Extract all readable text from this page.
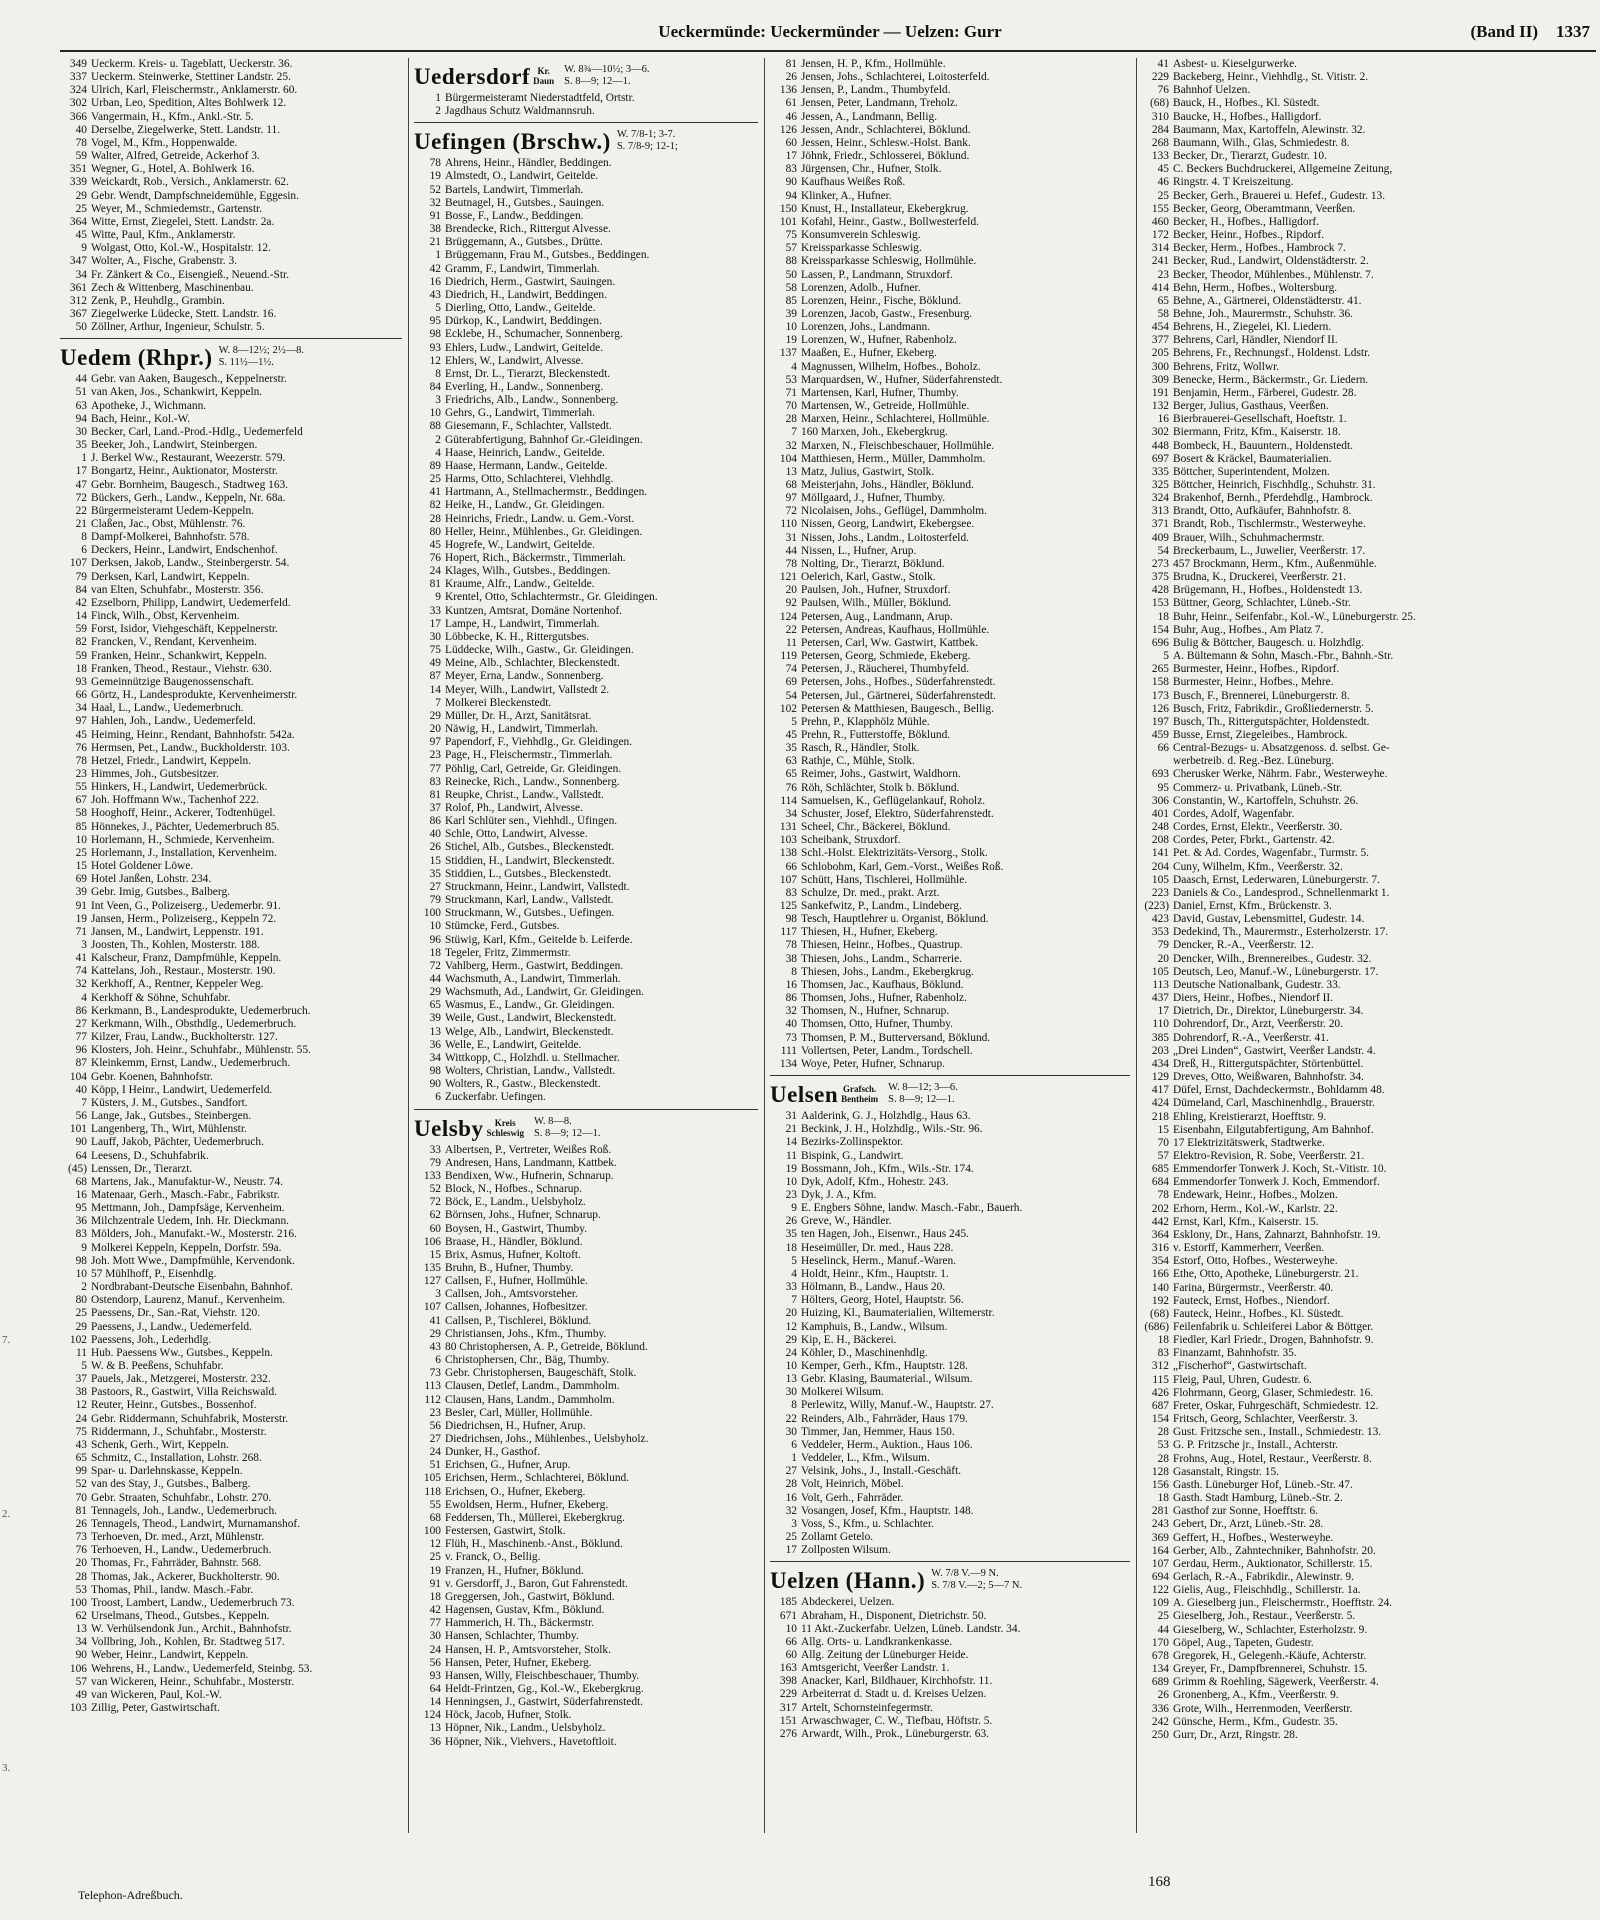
Ueckermünde: Ueckermünder — Uelzen: Gurr	(Band II) 1337
349 Ueckerm. Kreis- u. Tageblatt, Ueckerstr. 36.
337 Ueckerm. Steinwerke, Stettiner Landstr. 25.
324 Ulrich, Karl, Fleischermstr., Anklamerstr. 60.
302 Urban, Leo, Spedition, Altes Bohlwerk 12.
366 Vangermain, H., Kfm., Ankl.-Str. 5.
40 Derselbe, Ziegelwerke, Stett. Landstr. 11.
78 Vogel, M., Kfm., Hoppenwalde.
59 Walter, Alfred, Getreide, Ackerhof 3.
351 Wegner, G., Hotel, A. Bohlwerk 16.
339 Weickardt, Rob., Versich., Anklamerstr. 62.
29 Gebr. Wendt, Dampfschneidemühle, Eggesin.
25 Weyer, M., Schmiedemstr., Gartenstr.
364 Witte, Ernst, Ziegelei, Stett. Landstr. 2a.
45 Witte, Paul, Kfm., Anklamerstr.
9 Wolgast, Otto, Kol.-W., Hospitalstr. 12.
347 Wolter, A., Fische, Grabenstr. 3.
34 Fr. Zänkert & Co., Eisengieß., Neuend.-Str.
361 Zech & Wittenberg, Maschinenbau.
312 Zenk, P., Heuhdlg., Grambin.
367 Ziegelwerke Lüdecke, Stett. Landstr. 16.
50 Zöllner, Arthur, Ingenieur, Schulstr. 5.
Uedem (Rhpr.) W. 8—12½; 2½—8.
S. 11½—1½.
44 Gebr. van Aaken, Baugesch., Keppelnerstr.
51 van Aken, Jos., Schankwirt, Keppeln.
63 Apotheke, J., Wichmann.
94 Bach, Heinr., Kol.-W.
30 Becker, Carl, Land.-Prod.-Hdlg., Uedemerfeld
35 Beeker, Joh., Landwirt, Steinbergen.
1 J. Berkel Ww., Restaurant, Weezerstr. 579.
17 Bongartz, Heinr., Auktionator, Mosterstr.
47 Gebr. Bornheim, Baugesch., Stadtweg 163.
72 Bückers, Gerh., Landw., Keppeln, Nr. 68a.
22 Bürgermeisteramt Uedem-Keppeln.
21 Claßen, Jac., Obst, Mühlenstr. 76.
8 Dampf-Molkerei, Bahnhofstr. 578.
6 Deckers, Heinr., Landwirt, Endschenhof.
107 Derksen, Jakob, Landw., Steinbergerstr. 54.
79 Derksen, Karl, Landwirt, Keppeln.
84 van Elten, Schuhfabr., Mosterstr. 356.
42 Ezselborn, Philipp, Landwirt, Uedemerfeld.
14 Finck, Wilh., Obst, Kervenheim.
59 Forst, Isidor, Viehgeschäft, Keppelnerstr.
82 Francken, V., Rendant, Kervenheim.
59 Franken, Heinr., Schankwirt, Keppeln.
18 Franken, Theod., Restaur., Viehstr. 630.
93 Gemeinnützige Baugenossenschaft.
66 Görtz, H., Landesprodukte, Kervenheimerstr.
34 Haal, L., Landw., Uedemerbruch.
97 Hahlen, Joh., Landw., Uedemerfeld.
45 Heiming, Heinr., Rendant, Bahnhofstr. 542a.
76 Hermsen, Pet., Landw., Buckholderstr. 103.
78 Hetzel, Friedr., Landwirt, Keppeln.
23 Himmes, Joh., Gutsbesitzer.
55 Hinkers, H., Landwirt, Uedemerbrück.
67 Joh. Hoffmann Ww., Tachenhof 222.
58 Hooghoff, Heinr., Ackerer, Todtenhügel.
85 Hönnekes, J., Pächter, Uedemerbruch 85.
10 Horlemann, H., Schmiede, Kervenheim.
25 Horlemann, J., Installation, Kervenheim.
15 Hotel Goldener Löwe.
69 Hotel Janßen, Lohstr. 234.
39 Gebr. Imig, Gutsbes., Balberg.
91 Int Veen, G., Polizeiserg., Uedemerbr. 91.
19 Jansen, Herm., Polizeiserg., Keppeln 72.
71 Jansen, M., Landwirt, Leppenstr. 191.
3 Joosten, Th., Kohlen, Mosterstr. 188.
41 Kalscheur, Franz, Dampfmühle, Keppeln.
74 Kattelans, Joh., Restaur., Mosterstr. 190.
32 Kerkhoff, A., Rentner, Keppeler Weg.
4 Kerkhoff & Söhne, Schuhfabr.
86 Kerkmann, B., Landesprodukte, Uedemerbruch.
27 Kerkmann, Wilh., Obsthdlg., Uedemerbruch.
77 Kilzer, Frau, Landw., Buckholterstr. 127.
96 Klosters, Joh. Heinr., Schuhfabr., Mühlenstr. 55.
87 Kleinkemm, Ernst, Landw., Uedemerbruch.
104 Gebr. Koenen, Bahnhofstr.
40 Köpp, I Heinr., Landwirt, Uedemerfeld.
7 Küsters, J. M., Gutsbes., Sandfort.
56 Lange, Jak., Gutsbes., Steinbergen.
101 Langenberg, Th., Wirt, Mühlenstr.
90 Lauff, Jakob, Pächter, Uedemerbruch.
64 Leesens, D., Schuhfabrik.
(45) Lenssen, Dr., Tierarzt.
68 Martens, Jak., Manufaktur-W., Neustr. 74.
16 Matenaar, Gerh., Masch.-Fabr., Fabrikstr.
95 Mettmann, Joh., Dampfsäge, Kervenheim.
36 Milchzentrale Uedem, Inh. Hr. Dieckmann.
83 Mölders, Joh., Manufakt.-W., Mosterstr. 216.
9 Molkerei Keppeln, Keppeln, Dorfstr. 59a.
98 Joh. Mott Wwe., Dampfmühle, Kervendonk.
10 57 Mühlhoff, P., Eisenhdlg.
2 Nordbrabant-Deutsche Eisenbahn, Bahnhof.
80 Ostendorp, Laurenz, Manuf., Kervenheim.
25 Paessens, Dr., San.-Rat, Viehstr. 120.
29 Paessens, J., Landw., Uedemerfeld.
102 Paessens, Joh., Lederhdlg.
11 Hub. Paessens Ww., Gutsbes., Keppeln.
5 W. & B. Peeßens, Schuhfabr.
37 Pauels, Jak., Metzgerei, Mosterstr. 232.
38 Pastoors, R., Gastwirt, Villa Reichswald.
12 Reuter, Heinr., Gutsbes., Bossenhof.
24 Gebr. Riddermann, Schuhfabrik, Mosterstr.
75 Riddermann, J., Schuhfabr., Mosterstr.
43 Schenk, Gerh., Wirt, Keppeln.
65 Schmitz, C., Installation, Lohstr. 268.
99 Spar- u. Darlehnskasse, Keppeln.
52 van des Stay, J., Gutsbes., Balberg.
70 Gebr. Straaten, Schuhfabr., Lohstr. 270.
81 Tennagels, Joh., Landw., Uedemerbruch.
26 Tennagels, Theod., Landwirt, Murnamanshof.
73 Terhoeven, Dr. med., Arzt, Mühlenstr.
76 Terhoeven, H., Landw., Uedemerbruch.
20 Thomas, Fr., Fahrräder, Bahnstr. 568.
28 Thomas, Jak., Ackerer, Buckholterstr. 90.
53 Thomas, Phil., landw. Masch.-Fabr.
100 Troost, Lambert, Landw., Uedemerbruch 73.
62 Urselmans, Theod., Gutsbes., Keppeln.
13 W. Verhülsendonk Jun., Archit., Bahnhofstr.
34 Vollbring, Joh., Kohlen, Br. Stadtweg 517.
90 Weber, Heinr., Landwirt, Keppeln.
106 Wehrens, H., Landw., Uedemerfeld, Steinbg. 53.
57 van Wickeren, Heinr., Schuhfabr., Mosterstr.
49 van Wickeren, Paul, Kol.-W.
103 Zillig, Peter, Gastwirtschaft.
Uedersdorf Kr.
Daun
W. 8¾—10½; 3—6.
S. 8—9; 12—1.
1 Bürgermeisteramt Niederstadtfeld, Ortstr.
2 Jagdhaus Schutz Waldmannsruh.
Uefingen (Brschw.) W. 7/8-1; 3-7.
S. 7/8-9; 12-1;
78 Ahrens, Heinr., Händler, Beddingen.
19 Almstedt, O., Landwirt, Geitelde.
52 Bartels, Landwirt, Timmerlah.
32 Beutnagel, H., Gutsbes., Sauingen.
91 Bosse, F., Landw., Beddingen.
38 Brendecke, Rich., Rittergut Alvesse.
21 Brüggemann, A., Gutsbes., Drütte.
1 Brüggemann, Frau M., Gutsbes., Beddingen.
42 Gramm, F., Landwirt, Timmerlah.
16 Diedrich, Herm., Gastwirt, Sauingen.
43 Diedrich, H., Landwirt, Beddingen.
5 Dierling, Otto, Landw., Geitelde.
95 Dürkop, K., Landwirt, Beddingen.
98 Ecklebe, H., Schumacher, Sonnenberg.
93 Ehlers, Ludw., Landwirt, Geitelde.
12 Ehlers, W., Landwirt, Alvesse.
8 Ernst, Dr. L., Tierarzt, Bleckenstedt.
84 Everling, H., Landw., Sonnenberg.
3 Friedrichs, Alb., Landw., Sonnenberg.
10 Gehrs, G., Landwirt, Timmerlah.
88 Giesemann, F., Schlachter, Vallstedt.
2 Güterabfertigung, Bahnhof Gr.-Gleidingen.
4 Haase, Heinrich, Landw., Geitelde.
89 Haase, Hermann, Landw., Geitelde.
25 Harms, Otto, Schlachterei, Viehhdlg.
41 Hartmann, A., Stellmachermstr., Beddingen.
82 Heike, H., Landw., Gr. Gleidingen.
28 Heinrichs, Friedr., Landw. u. Gem.-Vorst.
80 Heller, Heinr., Mühlenbes., Gr. Gleidingen.
45 Hogrefe, W., Landwirt, Geitelde.
76 Hopert, Rich., Bäckermstr., Timmerlah.
24 Klages, Wilh., Gutsbes., Beddingen.
81 Kraume, Alfr., Landw., Geitelde.
9 Krentel, Otto, Schlachtermstr., Gr. Gleidingen.
33 Kuntzen, Amtsrat, Domäne Nortenhof.
17 Lampe, H., Landwirt, Timmerlah.
30 Löbbecke, K. H., Rittergutsbes.
75 Lüddecke, Wilh., Gastw., Gr. Gleidingen.
49 Meine, Alb., Schlachter, Bleckenstedt.
87 Meyer, Erna, Landw., Sonnenberg.
14 Meyer, Wilh., Landwirt, Vallstedt 2.
7 Molkerei Bleckenstedt.
29 Müller, Dr. H., Arzt, Sanitätsrat.
20 Näwig, H., Landwirt, Timmerlah.
97 Papendorf, F., Viehhdlg., Gr. Gleidingen.
23 Page, H., Fleischermstr., Timmerlah.
77 Pöhlig, Carl, Getreide, Gr. Gleidingen.
83 Reinecke, Rich., Landw., Sonnenberg.
81 Reupke, Christ., Landw., Vallstedt.
37 Rolof, Ph., Landwirt, Alvesse.
86 Karl Schlüter sen., Viehhdl., Üfingen.
40 Schle, Otto, Landwirt, Alvesse.
26 Stichel, Alb., Gutsbes., Bleckenstedt.
15 Stiddien, H., Landwirt, Bleckenstedt.
35 Stiddien, L., Gutsbes., Bleckenstedt.
27 Struckmann, Heinr., Landwirt, Vallstedt.
79 Struckmann, Karl, Landw., Vallstedt.
100 Struckmann, W., Gutsbes., Uefingen.
10 Stümcke, Ferd., Gutsbes.
96 Stüwig, Karl, Kfm., Geitelde b. Leiferde.
18 Tegeler, Fritz, Zimmermstr.
72 Vahlberg, Herm., Gastwirt, Beddingen.
44 Wachsmuth, A., Landwirt, Timmerlah.
29 Wachsmuth, Ad., Landwirt, Gr. Gleidingen.
65 Wasmus, E., Landw., Gr. Gleidingen.
39 Weile, Gust., Landwirt, Bleckenstedt.
13 Welge, Alb., Landwirt, Bleckenstedt.
36 Welle, E., Landwirt, Geitelde.
34 Wittkopp, C., Holzhdl. u. Stellmacher.
98 Wolters, Christian, Landw., Vallstedt.
90 Wolters, R., Gastw., Bleckenstedt.
6 Zuckerfabr. Uefingen.
Uelsby	Kreis
Schleswig
W. 8—8.
S. 8—9; 12—1.
33 Albertsen, P., Vertreter, Weißes Roß.
79 Andresen, Hans, Landmann, Kattbek.
133 Bendixen, Ww., Hufnerin, Schnarup.
52 Block, N., Hofbes., Schnarup.
72 Böck, E., Landm., Uelsbyholz.
62 Börnsen, Johs., Hufner, Schnarup.
60 Boysen, H., Gastwirt, Thumby.
106 Braase, H., Händler, Böklund.
15 Brix, Asmus, Hufner, Koltoft.
135 Bruhn, B., Hufner, Thumby.
127 Callsen, F., Hufner, Hollmühle.
3 Callsen, Joh., Amtsvorsteher.
107 Callsen, Johannes, Hofbesitzer.
41 Callsen, P., Tischlerei, Böklund.
29 Christiansen, Johs., Kfm., Thumby.
43 80 Christophersen, A. P., Getreide, Böklund.
6 Christophersen, Chr., Bäg, Thumby.
73 Gebr. Christophersen, Baugeschäft, Stolk.
113 Clausen, Detlef, Landm., Dammholm.
112 Clausen, Hans, Landm., Dammholm.
23 Besler, Carl, Müller, Hollmühle.
56 Diedrichsen, H., Hufner, Arup.
27 Diedrichsen, Johs., Mühlenbes., Uelsbyholz.
24 Dunker, H., Gasthof.
51 Erichsen, G., Hufner, Arup.
105 Erichsen, Herm., Schlachterei, Böklund.
118 Erichsen, O., Hufner, Ekeberg.
55 Ewoldsen, Herm., Hufner, Ekeberg.
68 Feddersen, Th., Müllerei, Ekebergkrug.
100 Festersen, Gastwirt, Stolk.
12 Flüh, H., Maschinenb.-Anst., Böklund.
25 v. Franck, O., Bellig.
19 Franzen, H., Hufner, Böklund.
91 v. Gersdorff, J., Baron, Gut Fahrenstedt.
18 Greggersen, Joh., Gastwirt, Böklund.
42 Hagensen, Gustav, Kfm., Böklund.
77 Hammerich, H. Th., Bäckermstr.
30 Hansen, Schlachter, Thumby.
24 Hansen, H. P., Amtsvorsteher, Stolk.
56 Hansen, Peter, Hufner, Ekeberg.
93 Hansen, Willy, Fleischbeschauer, Thumby.
64 Heldt-Frintzen, Gg., Kol.-W., Ekebergkrug.
14 Henningsen, J., Gastwirt, Süderfahrenstedt.
124 Höck, Jacob, Hufner, Stolk.
13 Höpner, Nik., Landm., Uelsbyholz.
36 Höpner, Nik., Viehvers., Havetoftloit.
81 Jensen, H. P., Kfm., Hollmühle.
26 Jensen, Johs., Schlachterei, Loitosterfeld.
136 Jensen, P., Landm., Thumbyfeld.
61 Jensen, Peter, Landmann, Treholz.
46 Jessen, A., Landmann, Bellig.
126 Jessen, Andr., Schlachterei, Böklund.
60 Jessen, Heinr., Schlesw.-Holst. Bank.
17 Jöhnk, Friedr., Schlosserei, Böklund.
83 Jürgensen, Chr., Hufner, Stolk.
90 Kaufhaus Weißes Roß.
94 Klinker, A., Hufner.
150 Knust, H., Installateur, Ekebergkrug.
101 Kofahl, Heinr., Gastw., Bollwesterfeld.
75 Konsumverein Schleswig.
57 Kreissparkasse Schleswig.
88 Kreissparkasse Schleswig, Hollmühle.
50 Lassen, P., Landmann, Struxdorf.
58 Lorenzen, Adolb., Hufner.
85 Lorenzen, Heinr., Fische, Böklund.
39 Lorenzen, Jacob, Gastw., Fresenburg.
10 Lorenzen, Johs., Landmann.
19 Lorenzen, W., Hufner, Rabenholz.
137 Maaßen, E., Hufner, Ekeberg.
4 Magnussen, Wilhelm, Hofbes., Boholz.
53 Marquardsen, W., Hufner, Süderfahrenstedt.
71 Martensen, Karl, Hufner, Thumby.
70 Martensen, W., Getreide, Hollmühle.
28 Marxen, Heinr., Schlachterei, Hollmühle.
7 160 Marxen, Joh., Ekebergkrug.
32 Marxen, N., Fleischbeschauer, Hollmühle.
104 Matthiesen, Herm., Müller, Dammholm.
13 Matz, Julius, Gastwirt, Stolk.
68 Meisterjahn, Johs., Händler, Böklund.
97 Möllgaard, J., Hufner, Thumby.
72 Nicolaisen, Johs., Geflügel, Dammholm.
110 Nissen, Georg, Landwirt, Ekebergsee.
31 Nissen, Johs., Landm., Loitosterfeld.
44 Nissen, L., Hufner, Arup.
78 Nolting, Dr., Tierarzt, Böklund.
121 Oelerich, Karl, Gastw., Stolk.
20 Paulsen, Joh., Hufner, Struxdorf.
92 Paulsen, Wilh., Müller, Böklund.
124 Petersen, Aug., Landmann, Arup.
22 Petersen, Andreas, Kaufhaus, Hollmühle.
11 Petersen, Carl, Ww. Gastwirt, Kattbek.
119 Petersen, Georg, Schmiede, Ekeberg.
74 Petersen, J., Räucherei, Thumbyfeld.
69 Petersen, Johs., Hofbes., Süderfahrenstedt.
54 Petersen, Jul., Gärtnerei, Süderfahrenstedt.
102 Petersen & Matthiesen, Baugesch., Bellig.
5 Prehn, P., Klapphölz Mühle.
45 Prehn, R., Futterstoffe, Böklund.
35 Rasch, R., Händler, Stolk.
63 Rathje, C., Mühle, Stolk.
65 Reimer, Johs., Gastwirt, Waldhorn.
76 Röh, Schlächter, Stolk b. Böklund.
114 Samuelsen, K., Geflügelankauf, Roholz.
34 Schuster, Josef, Elektro, Süderfahrenstedt.
131 Scheel, Chr., Bäckerei, Böklund.
103 Scheibank, Struxdorf.
138 Schl.-Holst. Elektrizitäts-Versorg., Stolk.
66 Schlobohm, Karl, Gem.-Vorst., Weißes Roß.
107 Schütt, Hans, Tischlerei, Hollmühle.
83 Schulze, Dr. med., prakt. Arzt.
125 Sankefwitz, P., Landm., Lindeberg.
98 Tesch, Hauptlehrer u. Organist, Böklund.
117 Thiesen, H., Hufner, Ekeberg.
78 Thiesen, Heinr., Hofbes., Quastrup.
38 Thiesen, Johs., Landm., Scharrerie.
8 Thiesen, Johs., Landm., Ekebergkrug.
16 Thomsen, Jac., Kaufhaus, Böklund.
86 Thomsen, Johs., Hufner, Rabenholz.
32 Thomsen, N., Hufner, Schnarup.
40 Thomsen, Otto, Hufner, Thumby.
73 Thomsen, P. M., Butterversand, Böklund.
111 Vollertsen, Peter, Landm., Tordschell.
134 Woye, Peter, Hufner, Schnarup.
Uelsen Grafsch.
Bentheim
W. 8—12; 3—6.
S. 8—9; 12—1.
31 Aalderink, G. J., Holzhdlg., Haus 63.
21 Beckink, J. H., Holzhdlg., Wils.-Str. 96.
14 Bezirks-Zollinspektor.
11 Bispink, G., Landwirt.
19 Bossmann, Joh., Kfm., Wils.-Str. 174.
10 Dyk, Adolf, Kfm., Hohestr. 243.
23 Dyk, J. A., Kfm.
9 E. Engbers Söhne, landw. Masch.-Fabr., Bauerh.
26 Greve, W., Händler.
35 ten Hagen, Joh., Eisenwr., Haus 245.
18 Heseimüller, Dr. med., Haus 228.
5 Heselinck, Herm., Manuf.-Waren.
4 Holdt, Heinr., Kfm., Hauptstr. 1.
33 Hölmann, B., Landw., Haus 20.
7 Hölters, Georg, Hotel, Hauptstr. 56.
20 Huizing, Kl., Baumaterialien, Wiltemerstr.
12 Kamphuis, B., Landw., Wilsum.
29 Kip, E. H., Bäckerei.
24 Köhler, D., Maschinenhdlg.
10 Kemper, Gerh., Kfm., Hauptstr. 128.
13 Gebr. Klasing, Baumaterial., Wilsum.
30 Molkerei Wilsum.
8 Perlewitz, Willy, Manuf.-W., Hauptstr. 27.
22 Reinders, Alb., Fahrräder, Haus 179.
30 Timmer, Jan, Hemmer, Haus 150.
6 Veddeler, Herm., Auktion., Haus 106.
1 Veddeler, L., Kfm., Wilsum.
27 Velsink, Johs., J., Install.-Geschäft.
28 Volt, Heinrich, Möbel.
16 Volt, Gerh., Fahrräder.
32 Vosangen, Josef, Kfm., Hauptstr. 148.
3 Voss, S., Kfm., u. Schlachter.
25 Zollamt Getelo.
17 Zollposten Wilsum.
Uelzen (Hann.) W. 7/8 V.—9 N.
S. 7/8 V.—2; 5—7 N.
185 Abdeckerei, Uelzen.
671 Abraham, H., Disponent, Dietrichstr. 50.
10 11 Akt.-Zuckerfabr. Uelzen, Lüneb. Landstr. 34.
66 Allg. Orts- u. Landkrankenkasse.
60 Allg. Zeitung der Lüneburger Heide.
163 Amtsgericht, Veerßer Landstr. 1.
398 Anacker, Karl, Bildhauer, Kirchhofstr. 11.
229 Arbeiterrat d. Stadt u. d. Kreises Uelzen.
317 Artelt, Schornsteinfegermstr.
151 Arwaschwager, C. W., Tiefbau, Höftstr. 5.
276 Arwardt, Wilh., Prok., Lüneburgerstr. 63.
41 Asbest- u. Kieselgurwerke.
229 Backeberg, Heinr., Viehhdlg., St. Vitistr. 2.
76 Bahnhof Uelzen.
(68) Bauck, H., Hofbes., Kl. Süstedt.
310 Baucke, H., Hofbes., Halligdorf.
284 Baumann, Max, Kartoffeln, Alewinstr. 32.
268 Baumann, Wilh., Glas, Schmiedestr. 8.
133 Becker, Dr., Tierarzt, Gudestr. 10.
45 C. Beckers Buchdruckerei, Allgemeine Zeitung,
46 Ringstr. 4. T Kreiszeitung.
25 Becker, Gerh., Brauerei u. Hefef., Gudestr. 13.
155 Becker, Georg, Oberamtmann, Veerßen.
460 Becker, H., Hofbes., Halligdorf.
172 Becker, Heinr., Hofbes., Ripdorf.
314 Becker, Herm., Hofbes., Hambrock 7.
241 Becker, Rud., Landwirt, Oldenstädterstr. 2.
23 Becker, Theodor, Mühlenbes., Mühlenstr. 7.
414 Behn, Herm., Hofbes., Woltersburg.
65 Behne, A., Gärtnerei, Oldenstädterstr. 41.
58 Behne, Joh., Maurermstr., Schuhstr. 36.
454 Behrens, H., Ziegelei, Kl. Liedern.
377 Behrens, Carl, Händler, Niendorf II.
205 Behrens, Fr., Rechnungsf., Holdenst. Ldstr.
300 Behrens, Fritz, Wollwr.
309 Benecke, Herm., Bäckermstr., Gr. Liedern.
191 Benjamin, Herm., Färberei, Gudestr. 28.
132 Berger, Julius, Gasthaus, Veerßen.
16 Bierbrauerei-Gesellschaft, Hoeftstr. 1.
302 Biermann, Fritz, Kfm., Kaiserstr. 18.
448 Bombeck, H., Bauuntern., Holdenstedt.
697 Bosert & Kräckel, Baumaterialien.
335 Böttcher, Superintendent, Molzen.
325 Böttcher, Heinrich, Fischhdlg., Schuhstr. 31.
324 Brakenhof, Bernh., Pferdehdlg., Hambrock.
313 Brandt, Otto, Aufkäufer, Bahnhofstr. 8.
371 Brandt, Rob., Tischlermstr., Westerweyhe.
409 Brauer, Wilh., Schuhmachermstr.
54 Breckerbaum, L., Juwelier, Veerßerstr. 17.
273 457 Brockmann, Herm., Kfm., Außenmühle.
375 Brudna, K., Druckerei, Veerßerstr. 21.
428 Brügemann, H., Hofbes., Holdenstedt 13.
153 Büttner, Georg, Schlachter, Lüneb.-Str.
18 Buhr, Heinr., Seifenfabr., Kol.-W., Lüneburgerstr. 25.
154 Buhr, Aug., Hofbes., Am Platz 7.
696 Bulig & Böttcher, Baugesch. u. Holzhdlg.
5 A. Bültemann & Sohn, Masch.-Fbr., Bahnh.-Str.
265 Burmester, Heinr., Hofbes., Ripdorf.
158 Burmester, Heinr., Hofbes., Mehre.
173 Busch, F., Brennerei, Lüneburgerstr. 8.
126 Busch, Fritz, Fabrikdir., Großliedernerstr. 5.
197 Busch, Th., Rittergutspächter, Holdenstedt.
459 Busse, Ernst, Ziegeleibes., Hambrock.
66 Central-Bezugs- u. Absatzgenoss. d. selbst. Ge-
werbetreib. d. Reg.-Bez. Lüneburg.
693 Cherusker Werke, Nährm. Fabr., Westerweyhe.
95 Commerz- u. Privatbank, Lüneb.-Str.
306 Constantin, W., Kartoffeln, Schuhstr. 26.
401 Cordes, Adolf, Wagenfabr.
248 Cordes, Ernst, Elektr., Veerßerstr. 30.
208 Cordes, Peter, Fbrkt., Gartenstr. 42.
141 Pet. & Ad. Cordes, Wagenfabr., Turmstr. 5.
204 Cuny, Wilhelm, Kfm., Veerßerstr. 32.
105 Daasch, Ernst, Lederwaren, Lüneburgerstr. 7.
223 Daniels & Co., Landesprod., Schnellenmarkt 1.
(223) Daniel, Ernst, Kfm., Brückenstr. 3.
423 David, Gustav, Lebensmittel, Gudestr. 14.
353 Dedekind, Th., Maurermstr., Esterholzerstr. 17.
79 Dencker, R.-A., Veerßerstr. 12.
20 Dencker, Wilh., Brennereibes., Gudestr. 32.
105 Deutsch, Leo, Manuf.-W., Lüneburgerstr. 17.
113 Deutsche Nationalbank, Gudestr. 33.
437 Diers, Heinr., Hofbes., Niendorf II.
17 Dietrich, Dr., Direktor, Lüneburgerstr. 34.
110 Dohrendorf, Dr., Arzt, Veerßerstr. 20.
385 Dohrendorf, R.-A., Veerßerstr. 41.
203 „Drei Linden“, Gastwirt, Veerßer Landstr. 4.
434 Dreß, H., Rittergutspächter, Störtenbüttel.
129 Dreves, Otto, Weißwaren, Bahnhofstr. 34.
417 Düfel, Ernst, Dachdeckermstr., Bohldamm 48.
424 Dümeland, Carl, Maschinenhdlg., Brauerstr.
218 Ehling, Kreistierarzt, Hoefftstr. 9.
15 Eisenbahn, Eilgutabfertigung, Am Bahnhof.
70 17 Elektrizitätswerk, Stadtwerke.
57 Elektro-Revision, R. Sobe, Veerßerstr. 21.
685 Emmendorfer Tonwerk J. Koch, St.-Vitistr. 10.
684 Emmendorfer Tonwerk J. Koch, Emmendorf.
78 Endewark, Heinr., Hofbes., Molzen.
202 Erhorn, Herm., Kol.-W., Karlstr. 22.
442 Ernst, Karl, Kfm., Kaiserstr. 15.
364 Esklony, Dr., Hans, Zahnarzt, Bahnhofstr. 19.
316 v. Estorff, Kammerherr, Veerßen.
354 Estorf, Otto, Hofbes., Westerweyhe.
166 Ethe, Otto, Apotheke, Lüneburgerstr. 21.
140 Farina, Bürgermstr., Veerßerstr. 40.
192 Fauteck, Ernst, Hofbes., Niendorf.
(68) Fauteck, Heinr., Hofbes., Kl. Süstedt.
(686) Feilenfabrik u. Schleiferei Labor & Böttger.
18 Fiedler, Karl Friedr., Drogen, Bahnhofstr. 9.
83 Finanzamt, Bahnhofstr. 35.
312 „Fischerhof“, Gastwirtschaft.
115 Fleig, Paul, Uhren, Gudestr. 6.
426 Flohrmann, Georg, Glaser, Schmiedestr. 16.
687 Freter, Oskar, Fuhrgeschäft, Schmiedestr. 12.
154 Fritsch, Georg, Schlachter, Veerßerstr. 3.
28 Gust. Fritzsche sen., Install., Schmiedestr. 13.
53 G. P. Fritzsche jr., Install., Achterstr.
28 Frohns, Aug., Hotel, Restaur., Veerßerstr. 8.
128 Gasanstalt, Ringstr. 15.
156 Gasth. Lüneburger Hof, Lüneb.-Str. 47.
18 Gasth. Stadt Hamburg, Lüneb.-Str. 2.
281 Gasthof zur Sonne, Hoefftstr. 6.
243 Gebert, Dr., Arzt, Lüneb.-Str. 28.
369 Geffert, H., Hofbes., Westerweyhe.
164 Gerber, Alb., Zahntechniker, Bahnhofstr. 20.
107 Gerdau, Herm., Auktionator, Schillerstr. 15.
694 Gerlach, R.-A., Fabrikdir., Alewinstr. 9.
122 Gielis, Aug., Fleischhdlg., Schillerstr. 1a.
109 A. Gieselberg jun., Fleischermstr., Hoefftstr. 24.
25 Gieselberg, Joh., Restaur., Veerßerstr. 5.
44 Gieselberg, W., Schlachter, Esterholzstr. 9.
170 Göpel, Aug., Tapeten, Gudestr.
678 Gregorek, H., Gelegenh.-Käufe, Achterstr.
134 Greyer, Fr., Dampfbrennerei, Schuhstr. 15.
689 Grimm & Roehling, Sägewerk, Veerßerstr. 4.
26 Gronenberg, A., Kfm., Veerßerstr. 9.
336 Grote, Wilh., Herrenmoden, Veerßerstr.
242 Günsche, Herm., Kfm., Gudestr. 35.
250 Gurr, Dr., Arzt, Ringstr. 28.
7.
2.
3.
Telephon-Adreßbuch.
168
